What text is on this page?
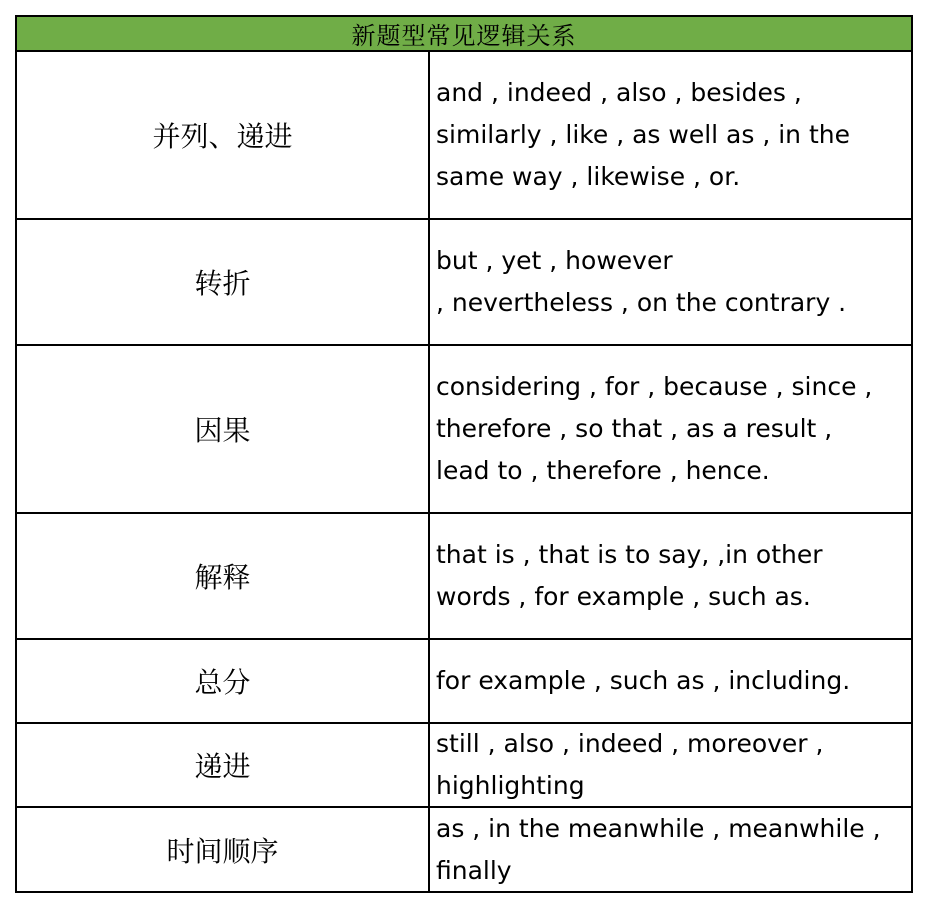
新题型常见逻辑关系
并列、递进
and , indeed , also , besides ,
similarly , like , as well as , in the
same way , likewise , or.
转折
but , yet , however
, nevertheless , on the contrary .
因果
considering , for , because , since ,
therefore , so that , as a result ,
lead to , therefore , hence.
解释
that is , that is to say, ,in other
words , for example , such as.
总分	for example , such as , including.
递进
still , also , indeed , moreover ,
highlighting
时间顺序
as , in the meanwhile , meanwhile ,
finally
